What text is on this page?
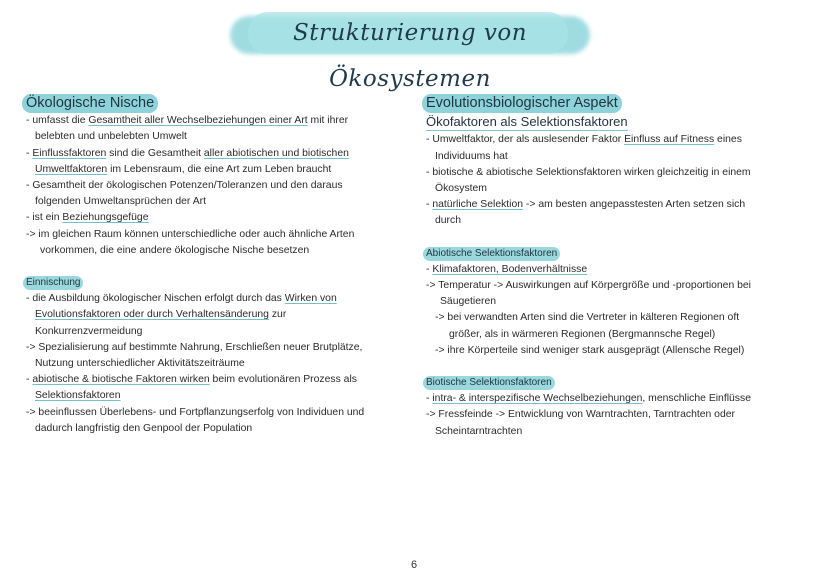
Strukturierung von Ökosystemen
Ökologische Nische
- umfasst die Gesamtheit aller Wechselbeziehungen einer Art mit ihrer
belebten und unbelebten Umwelt
- Einflussfaktoren sind die Gesamtheit aller abiotischen und biotischen
Umweltfaktoren im Lebensraum, die eine Art zum Leben braucht
- Gesamtheit der ökologischen Potenzen/Toleranzen und den daraus
folgenden Umweltansprüchen der Art
- ist ein Beziehungsgefüge
-> im gleichen Raum können unterschiedliche oder auch ähnliche Arten
vorkommen, die eine andere ökologische Nische besetzen
Einnischung
- die Ausbildung ökologischer Nischen erfolgt durch das Wirken von
Evolutionsfaktoren oder durch Verhaltensänderung zur
Konkurrenzvermeidung
-> Spezialisierung auf bestimmte Nahrung, Erschließen neuer Brutplätze,
Nutzung unterschiedlicher Aktivitätszeiträume
- abiotische & biotische Faktoren wirken beim evolutionären Prozess als
Selektionsfaktoren
-> beeinflussen Überlebens- und Fortpflanzungserfolg von Individuen und
dadurch langfristig den Genpool der Population
Evolutionsbiologischer Aspekt
Ökofaktoren als Selektionsfaktoren
- Umweltfaktor, der als auslesender Faktor Einfluss auf Fitness eines
Individuums hat
- biotische & abiotische Selektionsfaktoren wirken gleichzeitig in einem
Ökosystem
- natürliche Selektion -> am besten angepasstesten Arten setzen sich
durch
Abiotische Selektionsfaktoren
- Klimafaktoren, Bodenverhältnisse
-> Temperatur -> Auswirkungen auf Körpergröße und -proportionen bei
Säugetieren
-> bei verwandten Arten sind die Vertreter in kälteren Regionen oft
größer, als in wärmeren Regionen (Bergmannsche Regel)
-> ihre Körperteile sind weniger stark ausgeprägt (Allensche Regel)
Biotische Selektionsfaktoren
- intra- & interspezifische Wechselbeziehungen, menschliche Einflüsse
-> Fressfeinde -> Entwicklung von Warntrachten, Tarntrachten oder
Scheintarntrachten
6
